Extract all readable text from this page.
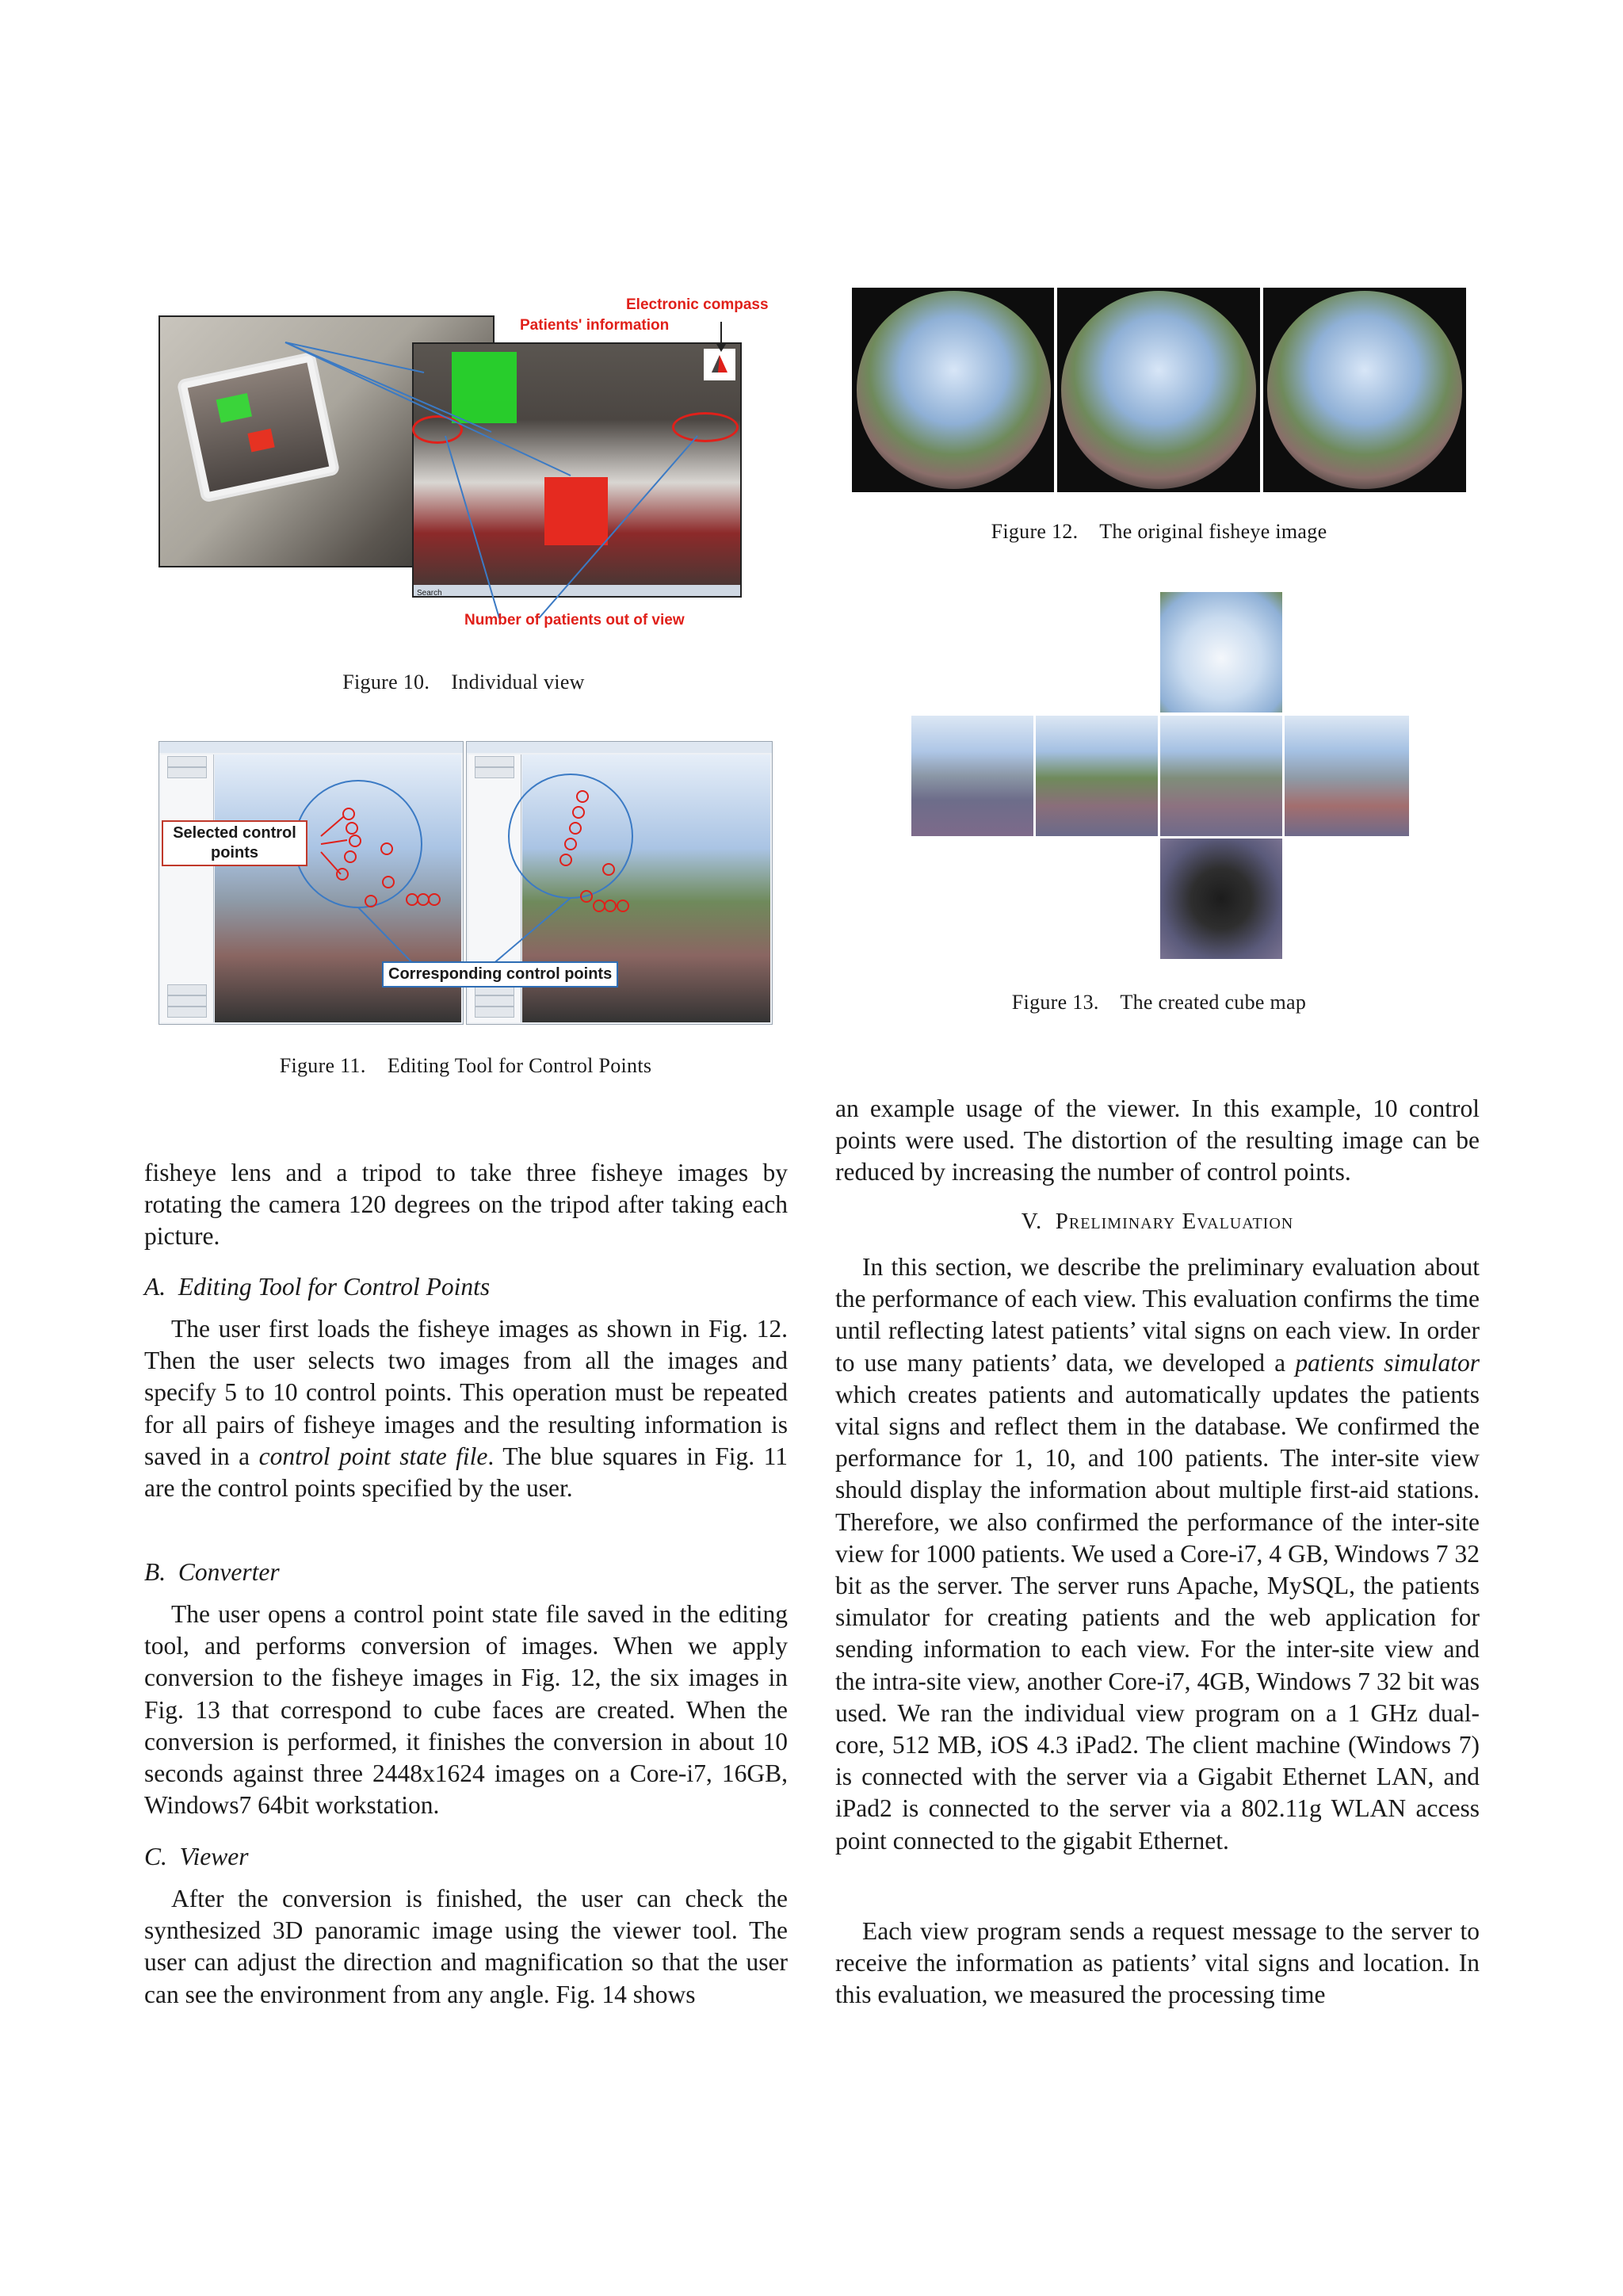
Search
Electronic compass
Patients' information
Number of patients out of view
Figure 10.    Individual view
Selected control points
Corresponding control points
Figure 11.    Editing Tool for Control Points
Figure 12.    The original fisheye image
Figure 13.    The created cube map

fisheye lens and a tripod to take three fisheye images by rotating the camera 120 degrees on the tripod after taking each picture.

A.  Editing Tool for Control Points

The user first loads the fisheye images as shown in Fig. 12. Then the user selects two images from all the images and specify 5 to 10 control points. This operation must be repeated for all pairs of fisheye images and the resulting information is saved in a control point state file. The blue squares in Fig. 11 are the control points specified by the user.

B.  Converter

The user opens a control point state file saved in the editing tool, and performs conversion of images. When we apply conversion to the fisheye images in Fig. 12, the six images in Fig. 13 that correspond to cube faces are created. When the conversion is performed, it finishes the conversion in about 10 seconds against three 2448x1624 images on a Core-i7, 16GB, Windows7 64bit workstation.

C.  Viewer

After the conversion is finished, the user can check the synthesized 3D panoramic image using the viewer tool. The user can adjust the direction and magnification so that the user can see the environment from any angle. Fig. 14 shows

an example usage of the viewer. In this example, 10 control points were used. The distortion of the resulting image can be reduced by increasing the number of control points.

V.  Preliminary Evaluation

In this section, we describe the preliminary evaluation about the performance of each view. This evaluation confirms the time until reflecting latest patients’ vital signs on each view. In order to use many patients’ data, we developed a patients simulator which creates patients and automatically updates the patients vital signs and reflect them in the database. We confirmed the performance for 1, 10, and 100 patients. The inter-site view should display the information about multiple first-aid stations. Therefore, we also confirmed the performance of the inter-site view for 1000 patients. We used a Core-i7, 4 GB, Windows 7 32 bit as the server. The server runs Apache, MySQL, the patients simulator for creating patients and the web application for sending information to each view. For the inter-site view and the intra-site view, another Core-i7, 4GB, Windows 7 32 bit was used. We ran the individual view program on a 1 GHz dual-core, 512 MB, iOS 4.3 iPad2. The client machine (Windows 7) is connected with the server via a Gigabit Ethernet LAN, and iPad2 is connected to the server via a 802.11g WLAN access point connected to the gigabit Ethernet.

Each view program sends a request message to the server to receive the information as patients’ vital signs and location. In this evaluation, we measured the processing time
